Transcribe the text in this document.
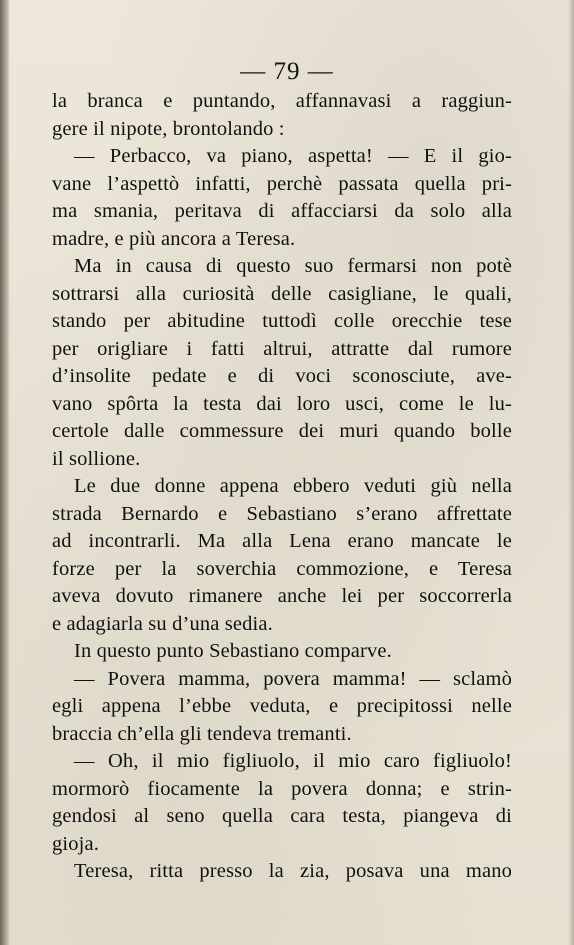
— 79 —
la branca e puntando, affannavasi a raggiun-
gere il nipote, brontolando :
— Perbacco, va piano, aspetta! — E il gio-
vane l’aspettò infatti, perchè passata quella pri-
ma smania, peritava di affacciarsi da solo alla
madre, e più ancora a Teresa.
Ma in causa di questo suo fermarsi non potè
sottrarsi alla curiosità delle casigliane, le quali,
stando per abitudine tuttodì colle orecchie tese
per origliare i fatti altrui, attratte dal rumore
d’insolite pedate e di voci sconosciute, ave-
vano spôrta la testa dai loro usci, come le lu-
certole dalle commessure dei muri quando bolle
il sollione.
Le due donne appena ebbero veduti giù nella
strada Bernardo e Sebastiano s’erano affrettate
ad incontrarli. Ma alla Lena erano mancate le
forze per la soverchia commozione, e Teresa
aveva dovuto rimanere anche lei per soccorrerla
e adagiarla su d’una sedia.
In questo punto Sebastiano comparve.
— Povera mamma, povera mamma! — sclamò
egli appena l’ebbe veduta, e precipitossi nelle
braccia ch’ella gli tendeva tremanti.
— Oh, il mio figliuolo, il mio caro figliuolo!
mormorò fiocamente la povera donna; e strin-
gendosi al seno quella cara testa, piangeva di
gioja.
Teresa, ritta presso la zia, posava una mano
